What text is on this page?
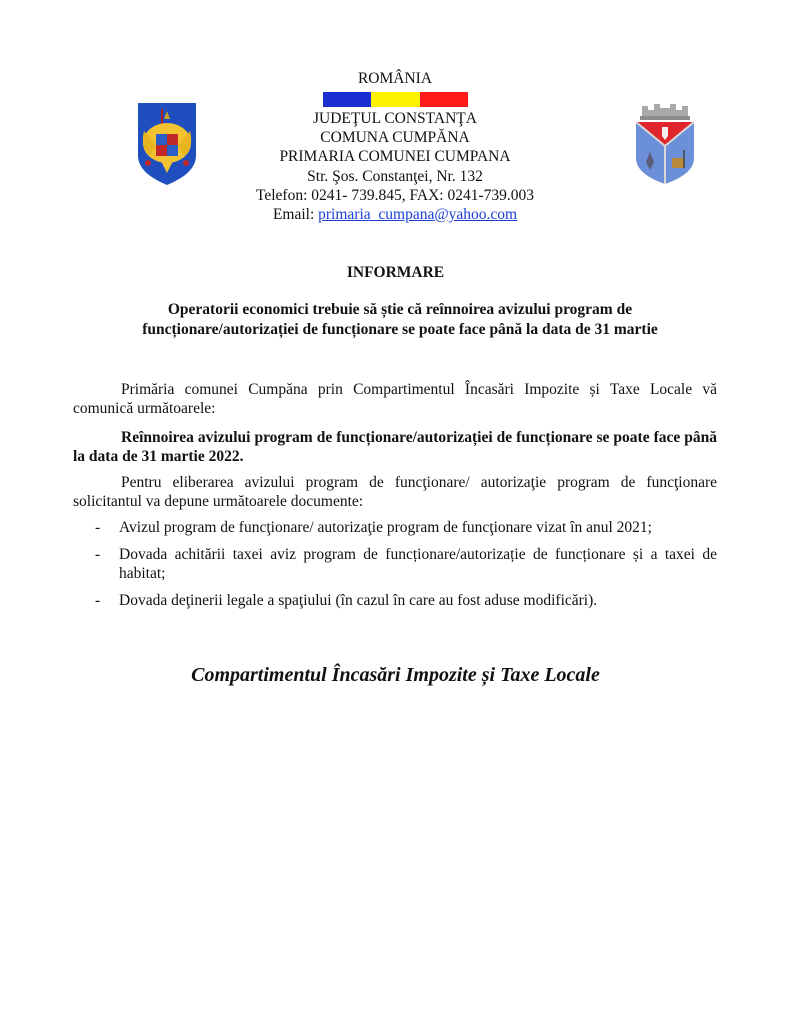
ROMÂNIA
JUDEŢUL CONSTANŢA
COMUNA CUMPĂNA
PRIMARIA COMUNEI CUMPANA
Str. Şos. Constanţei, Nr. 132
Telefon: 0241- 739.845, FAX: 0241-739.003
Email: primaria_cumpana@yahoo.com
INFORMARE
Operatorii economici trebuie să știe că reînnoirea avizului program de
funcționare/autorizației de funcționare se poate face până la data de 31 martie
Primăria comunei Cumpăna prin Compartimentul Încasări Impozite și Taxe Locale vă comunică următoarele:
Reînnoirea avizului program de funcționare/autorizației de funcționare se poate face până la data de 31 martie 2022.
Pentru eliberarea avizului program de funcţionare/ autorizaţie program de funcţionare solicitantul va depune următoarele documente:
- Avizul program de funcţionare/ autorizaţie program de funcţionare vizat în anul 2021;
- Dovada achitării taxei aviz program de funcționare/autorizație de funcționare și a taxei de habitat;
- Dovada deţinerii legale a spaţiului (în cazul în care au fost aduse modificări).
Compartimentul Încasări Impozite și Taxe Locale
